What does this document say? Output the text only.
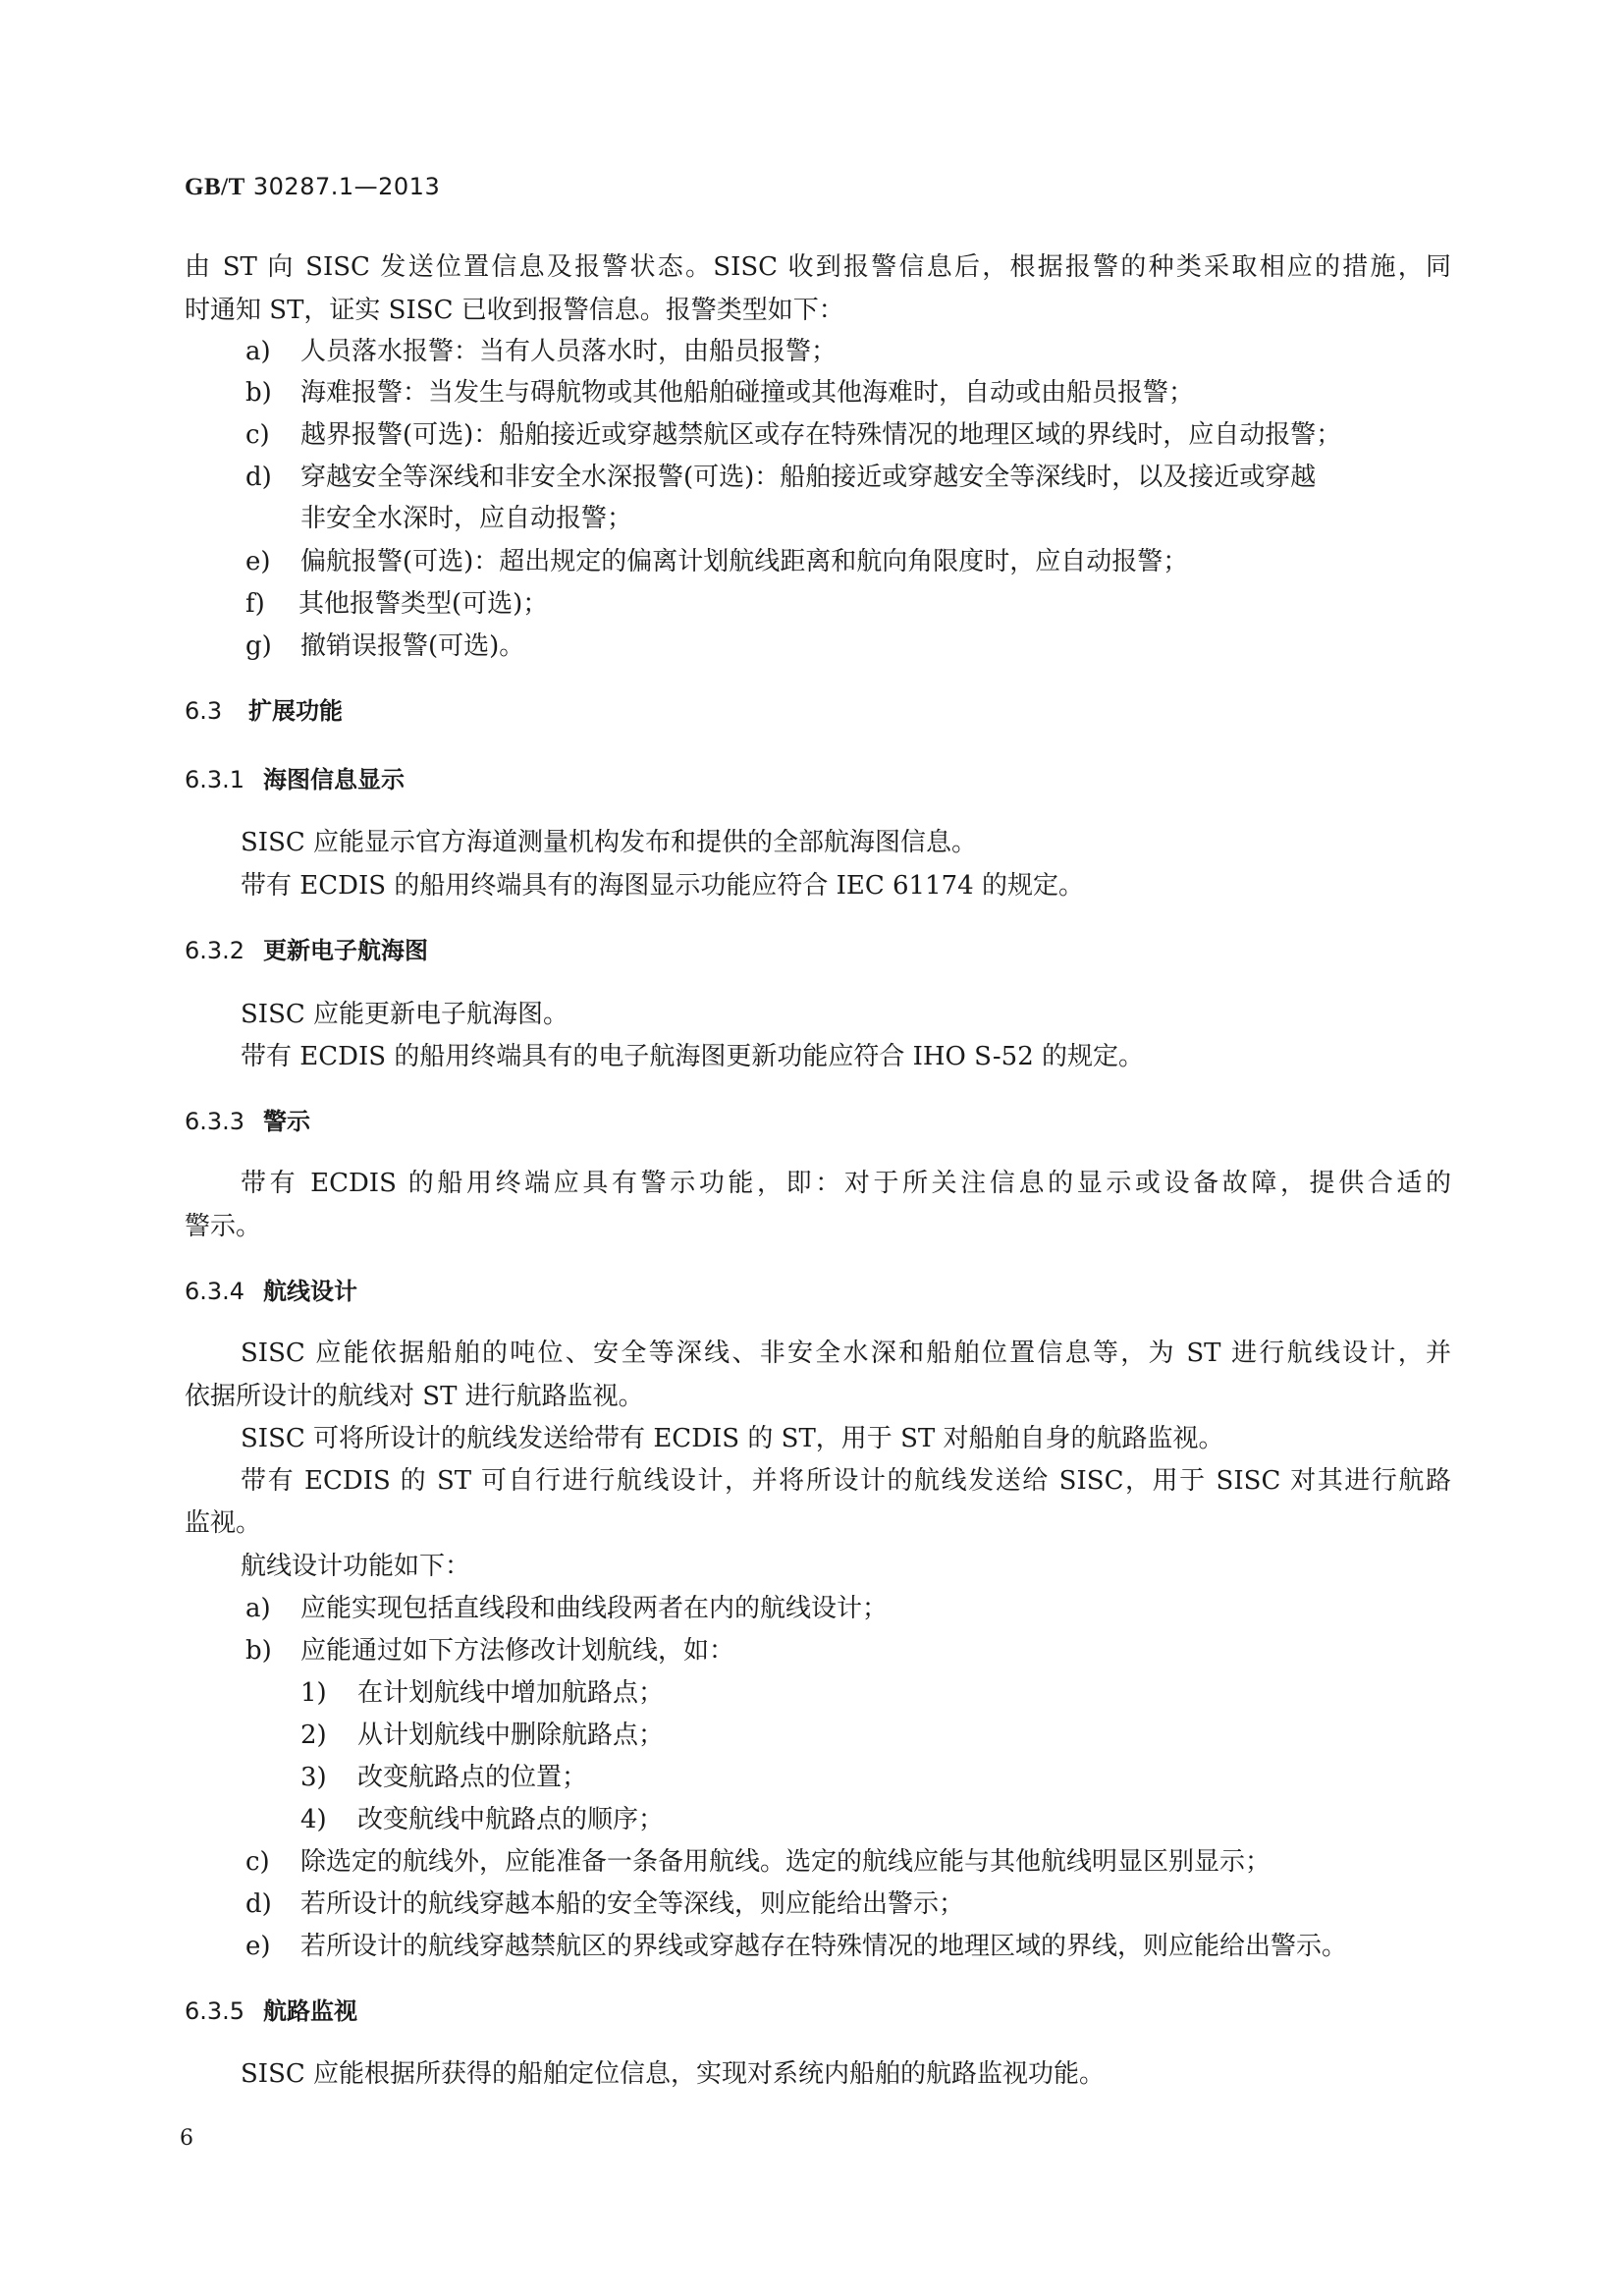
GB/T 30287.1—2013
由 ST 向 SISC 发送位置信息及报警状态。SISC 收到报警信息后，根据报警的种类采取相应的措施，同
时通知 ST，证实 SISC 已收到报警信息。报警类型如下：
a) 人员落水报警：当有人员落水时，由船员报警；
b) 海难报警：当发生与碍航物或其他船舶碰撞或其他海难时，自动或由船员报警；
c) 越界报警(可选)：船舶接近或穿越禁航区或存在特殊情况的地理区域的界线时，应自动报警；
d) 穿越安全等深线和非安全水深报警(可选)：船舶接近或穿越安全等深线时，以及接近或穿越
非安全水深时，应自动报警；
e) 偏航报警(可选)：超出规定的偏离计划航线距离和航向角限度时，应自动报警；
f) 其他报警类型(可选)；
g) 撤销误报警(可选)。
6.3 扩展功能
6.3.1 海图信息显示
SISC 应能显示官方海道测量机构发布和提供的全部航海图信息。
带有 ECDIS 的船用终端具有的海图显示功能应符合 IEC 61174 的规定。
6.3.2 更新电子航海图
SISC 应能更新电子航海图。
带有 ECDIS 的船用终端具有的电子航海图更新功能应符合 IHO S-52 的规定。
6.3.3 警示
带有 ECDIS 的船用终端应具有警示功能，即：对于所关注信息的显示或设备故障，提供合适的
警示。
6.3.4 航线设计
SISC 应能依据船舶的吨位、安全等深线、非安全水深和船舶位置信息等，为 ST 进行航线设计，并
依据所设计的航线对 ST 进行航路监视。
SISC 可将所设计的航线发送给带有 ECDIS 的 ST，用于 ST 对船舶自身的航路监视。
带有 ECDIS 的 ST 可自行进行航线设计，并将所设计的航线发送给 SISC，用于 SISC 对其进行航路
监视。
航线设计功能如下：
a) 应能实现包括直线段和曲线段两者在内的航线设计；
b) 应能通过如下方法修改计划航线，如：
1) 在计划航线中增加航路点；
2) 从计划航线中删除航路点；
3) 改变航路点的位置；
4) 改变航线中航路点的顺序；
c) 除选定的航线外，应能准备一条备用航线。选定的航线应能与其他航线明显区别显示；
d) 若所设计的航线穿越本船的安全等深线，则应能给出警示；
e) 若所设计的航线穿越禁航区的界线或穿越存在特殊情况的地理区域的界线，则应能给出警示。
6.3.5 航路监视
SISC 应能根据所获得的船舶定位信息，实现对系统内船舶的航路监视功能。
6
